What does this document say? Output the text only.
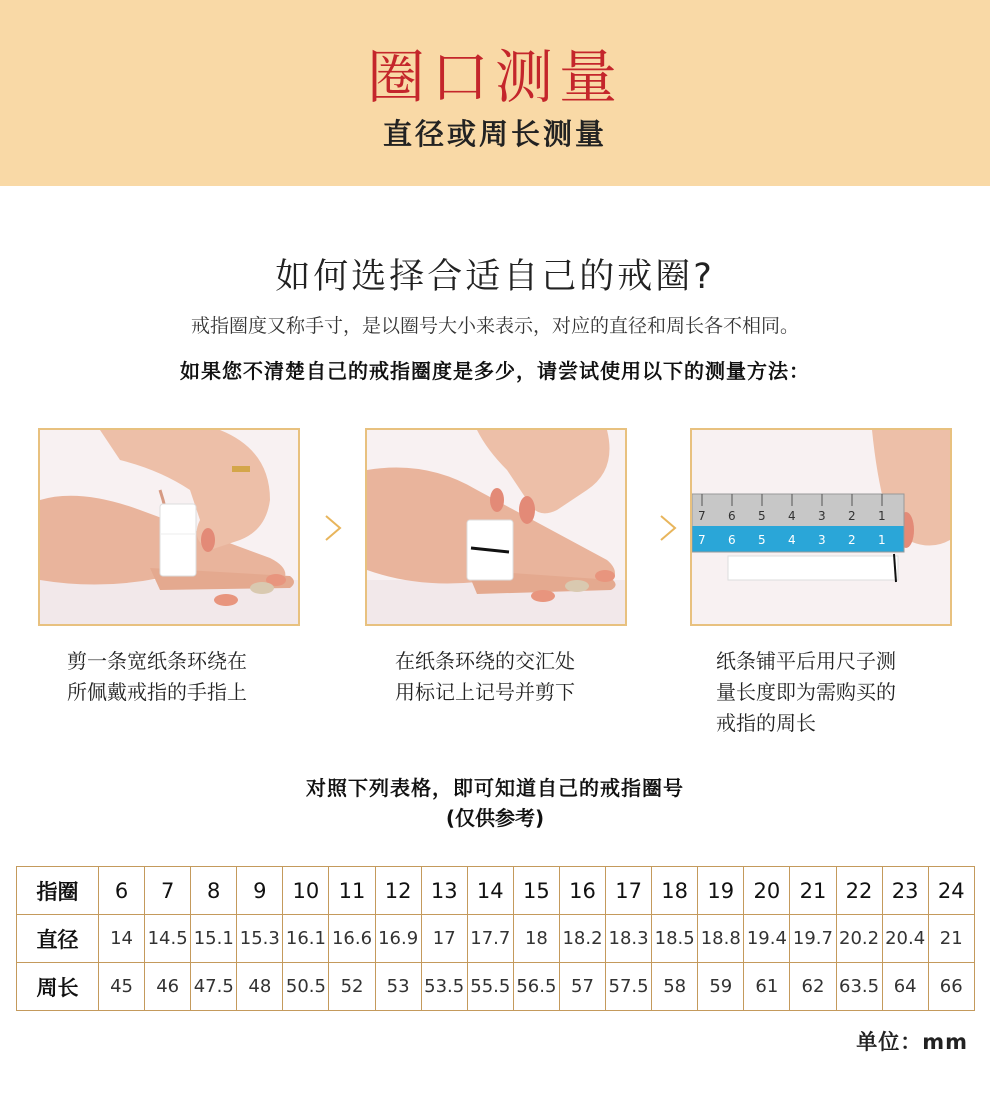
圈口测量
直径或周长测量
如何选择合适自己的戒圈?
戒指圈度又称手寸，是以圈号大小来表示，对应的直径和周长各不相同。
如果您不清楚自己的戒指圈度是多少，请尝试使用以下的测量方法：
7 6 5 4 3 2 1
7 6 5 4 3 2 1
剪一条宽纸条环绕在
所佩戴戒指的手指上
在纸条环绕的交汇处
用标记上记号并剪下
纸条铺平后用尺子测
量长度即为需购买的
戒指的周长
对照下列表格，即可知道自己的戒指圈号
(仅供参考)
指圈	6	7	8	9	10	11	12	13	14	15	16	17	18	19	20	21	22	23	24
直径	14	14.5	15.1	15.3	16.1	16.6	16.9	17	17.7	18	18.2	18.3	18.5	18.8	19.4	19.7	20.2	20.4	21
周长	45	46	47.5	48	50.5	52	53	53.5	55.5	56.5	57	57.5	58	59	61	62	63.5	64	66
单位：mm
